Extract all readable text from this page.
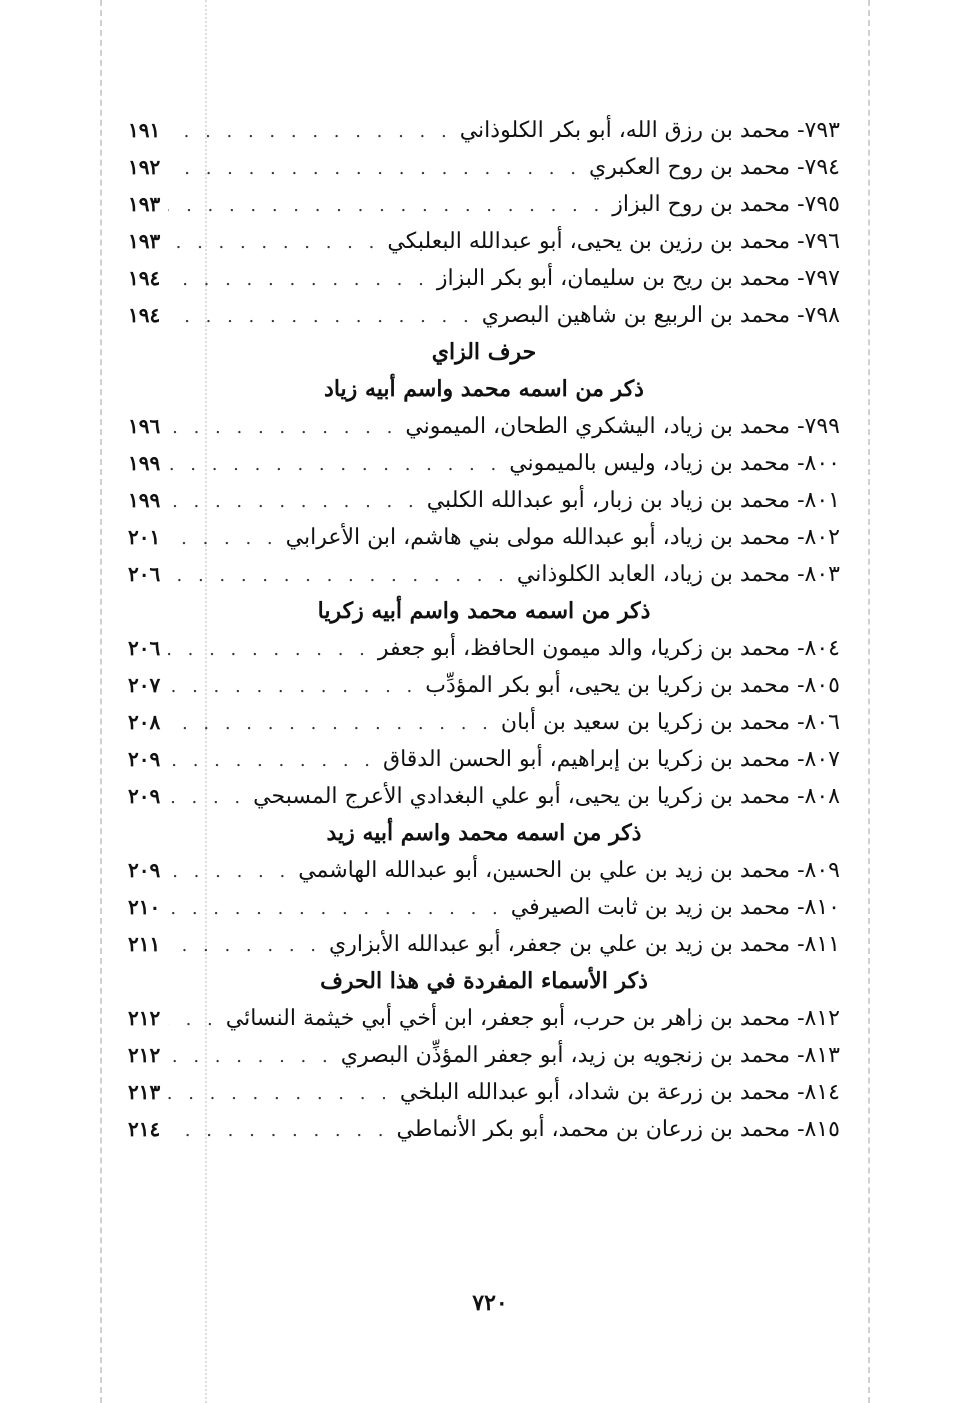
٧٩٣- محمد بن رزق الله، أبو بكر الكلوذاني
. . .
١٩١
٧٩٤- محمد بن روح العكبري
. . .
١٩٢
٧٩٥- محمد بن روح البزاز
. . .
١٩٣
٧٩٦- محمد بن رزين بن يحيى، أبو عبدالله البعلبكي
. . .
١٩٣
٧٩٧- محمد بن ريح بن سليمان، أبو بكر البزاز
. . .
١٩٤
٧٩٨- محمد بن الربيع بن شاهين البصري
. . .
١٩٤
حرف الزاي
ذكر من اسمه محمد واسم أبيه زياد
٧٩٩- محمد بن زياد، اليشكري الطحان، الميموني
. . .
١٩٦
٨٠٠- محمد بن زياد، وليس بالميموني
. . .
١٩٩
٨٠١- محمد بن زياد بن زبار، أبو عبدالله الكلبي
. . .
١٩٩
٨٠٢- محمد بن زياد، أبو عبدالله مولى بني هاشم، ابن الأعرابي
. . .
٢٠١
٨٠٣- محمد بن زياد، العابد الكلوذاني
. . .
٢٠٦
ذكر من اسمه محمد واسم أبيه زكريا
٨٠٤- محمد بن زكريا، والد ميمون الحافظ، أبو جعفر
. . .
٢٠٦
٨٠٥- محمد بن زكريا بن يحيى، أبو بكر المؤدِّب
. . .
٢٠٧
٨٠٦- محمد بن زكريا بن سعيد بن أبان
. . .
٢٠٨
٨٠٧- محمد بن زكريا بن إبراهيم، أبو الحسن الدقاق
. . .
٢٠٩
٨٠٨- محمد بن زكريا بن يحيى، أبو علي البغدادي الأعرج المسبحي
. . .
٢٠٩
ذكر من اسمه محمد واسم أبيه زيد
٨٠٩- محمد بن زيد بن علي بن الحسين، أبو عبدالله الهاشمي
. . .
٢٠٩
٨١٠- محمد بن زيد بن ثابت الصيرفي
. . .
٢١٠
٨١١- محمد بن زيد بن علي بن جعفر، أبو عبدالله الأبزاري
. . .
٢١١
ذكر الأسماء المفردة في هذا الحرف
٨١٢- محمد بن زاهر بن حرب، أبو جعفر، ابن أخي أبي خيثمة النسائي
. . .
٢١٢
٨١٣- محمد بن زنجويه بن زيد، أبو جعفر المؤذِّن البصري
. . .
٢١٢
٨١٤- محمد بن زرعة بن شداد، أبو عبدالله البلخي
. . .
٢١٣
٨١٥- محمد بن زرعان بن محمد، أبو بكر الأنماطي
. . .
٢١٤
٧٢٠
